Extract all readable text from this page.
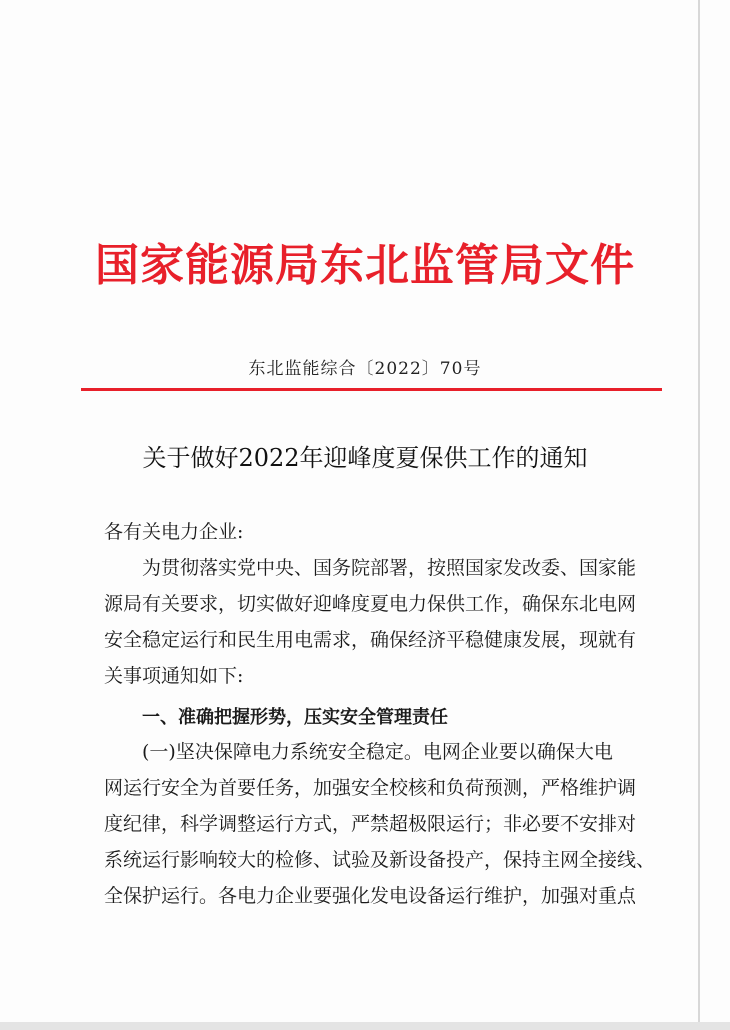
国家能源局东北监管局文件
东北监能综合〔2022〕70号
关于做好2022年迎峰度夏保供工作的通知
各有关电力企业:
为贯彻落实党中央、国务院部署，按照国家发改委、国家能
源局有关要求，切实做好迎峰度夏电力保供工作，确保东北电网
安全稳定运行和民生用电需求，确保经济平稳健康发展，现就有
关事项通知如下:
一、准确把握形势，压实安全管理责任
(一)坚决保障电力系统安全稳定。电网企业要以确保大电
网运行安全为首要任务，加强安全校核和负荷预测，严格维护调
度纪律，科学调整运行方式，严禁超极限运行；非必要不安排对
系统运行影响较大的检修、试验及新设备投产，保持主网全接线、
全保护运行。各电力企业要强化发电设备运行维护，加强对重点
